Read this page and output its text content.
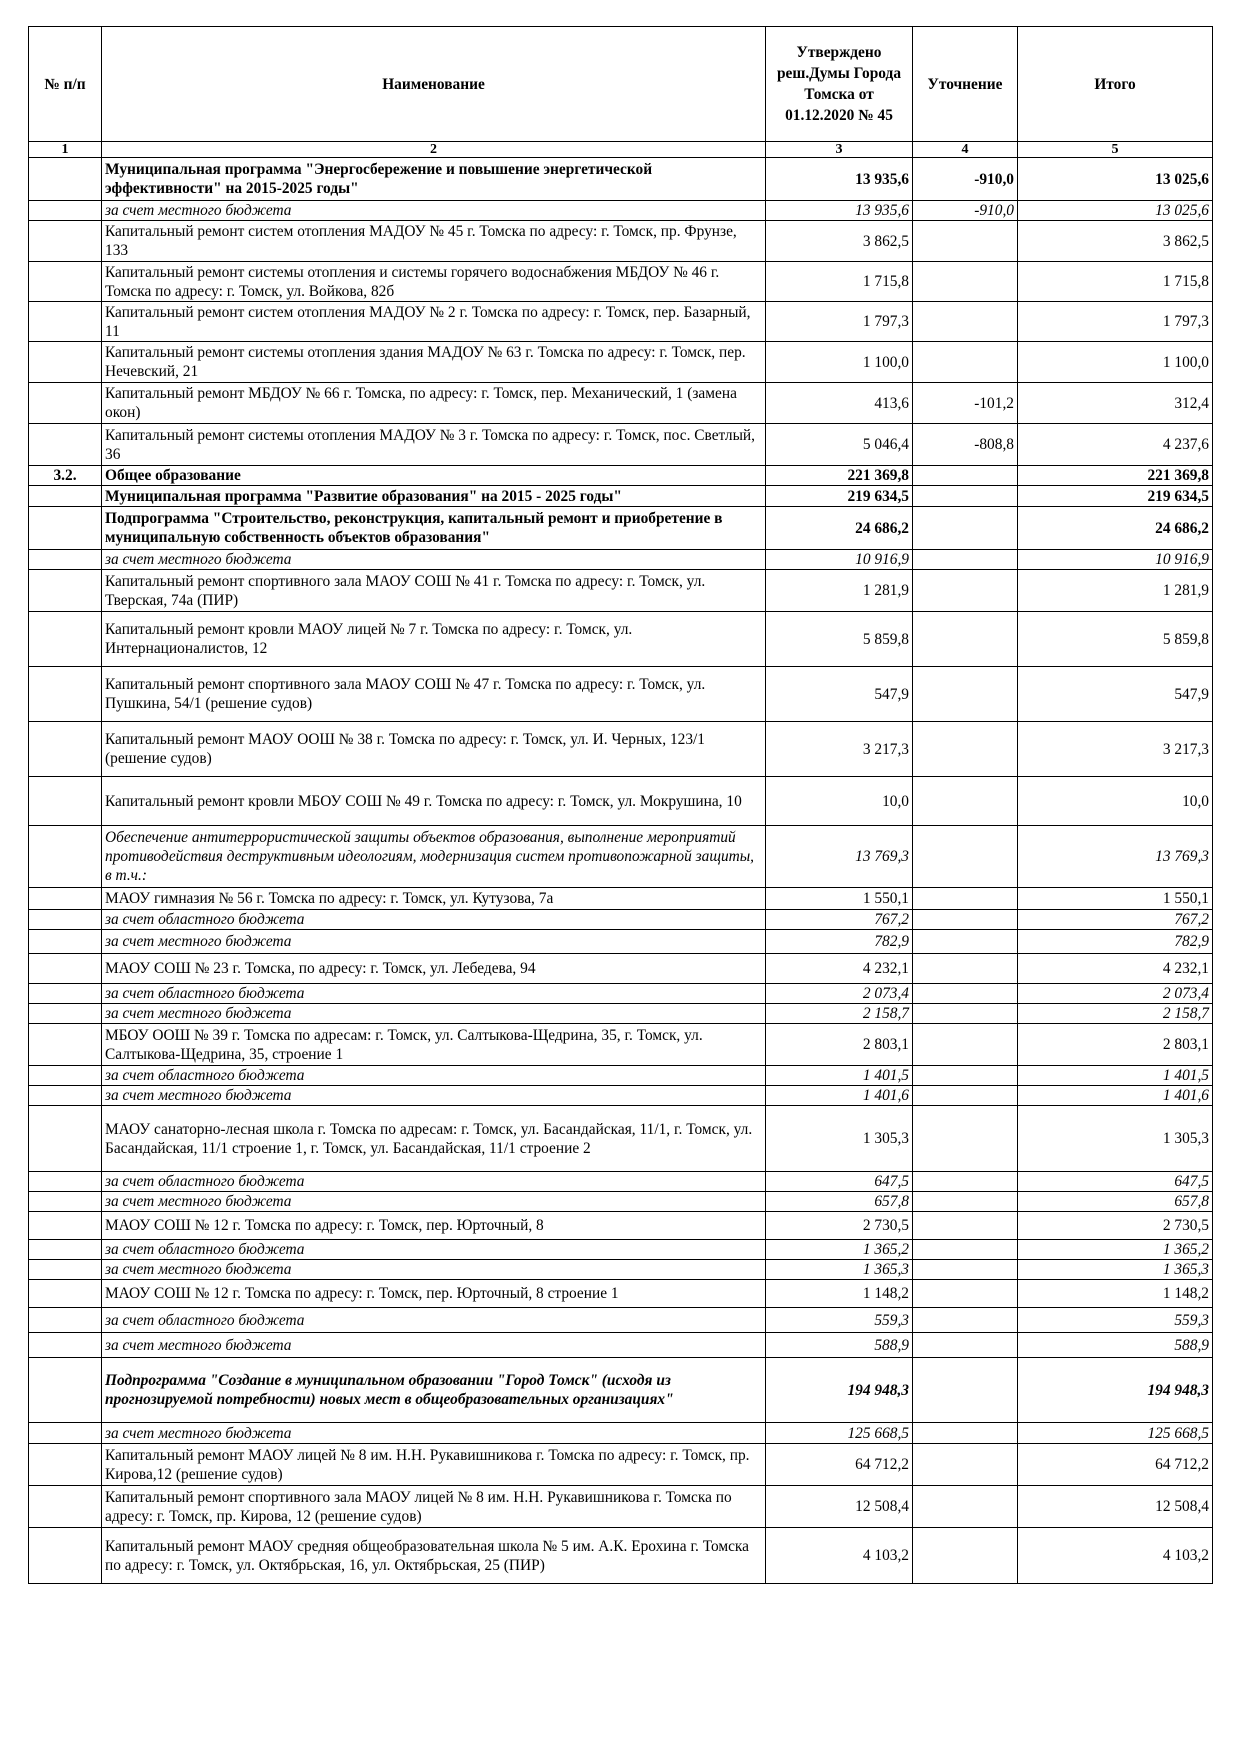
№ п/п	Наименование	Утверждено реш.Думы Города Томска от 01.12.2020 № 45	Уточнение	Итого
1	2	3	4	5
	Муниципальная программа "Энергосбережение и повышение энергетической эффективности" на 2015-2025 годы"	13 935,6	-910,0	13 025,6
	за счет местного бюджета	13 935,6	-910,0	13 025,6
	Капитальный ремонт систем отопления МАДОУ № 45 г. Томска по адресу: г. Томск, пр. Фрунзе, 133	3 862,5		3 862,5
	Капитальный ремонт системы отопления и системы горячего водоснабжения МБДОУ № 46 г. Томска по адресу: г. Томск, ул. Войкова, 82б	1 715,8		1 715,8
	Капитальный ремонт систем отопления МАДОУ № 2 г. Томска по адресу: г. Томск, пер. Базарный, 11	1 797,3		1 797,3
	Капитальный ремонт системы отопления здания МАДОУ № 63 г. Томска по адресу: г. Томск, пер. Нечевский, 21	1 100,0		1 100,0
	Капитальный ремонт МБДОУ № 66 г. Томска, по адресу: г. Томск, пер. Механический, 1 (замена окон)	413,6	-101,2	312,4
	Капитальный ремонт системы отопления МАДОУ № 3 г. Томска по адресу: г. Томск, пос. Светлый, 36	5 046,4	-808,8	4 237,6
3.2.	Общее образование	221 369,8		221 369,8
	Муниципальная программа "Развитие образования" на 2015 - 2025 годы"	219 634,5		219 634,5
	Подпрограмма "Строительство, реконструкция, капитальный ремонт и приобретение в муниципальную собственность объектов образования"	24 686,2		24 686,2
	за счет местного бюджета	10 916,9		10 916,9
	Капитальный ремонт спортивного зала МАОУ СОШ № 41 г. Томска по адресу: г. Томск, ул. Тверская, 74а (ПИР)	1 281,9		1 281,9
	Капитальный ремонт кровли МАОУ лицей № 7 г. Томска по адресу: г. Томск, ул. Интернационалистов, 12	5 859,8		5 859,8
	Капитальный ремонт спортивного зала МАОУ СОШ № 47 г. Томска по адресу: г. Томск, ул. Пушкина, 54/1 (решение судов)	547,9		547,9
	Капитальный ремонт МАОУ ООШ № 38 г. Томска по адресу: г. Томск, ул. И. Черных, 123/1 (решение судов)	3 217,3		3 217,3
	Капитальный ремонт кровли МБОУ СОШ № 49 г. Томска по адресу: г. Томск, ул. Мокрушина, 10	10,0		10,0
	Обеспечение антитеррористической защиты объектов образования, выполнение мероприятий противодействия деструктивным идеологиям, модернизация систем противопожарной защиты, в т.ч.:	13 769,3		13 769,3
	МАОУ гимназия № 56 г. Томска по адресу: г. Томск, ул. Кутузова, 7а	1 550,1		1 550,1
	за счет областного бюджета	767,2		767,2
	за счет местного бюджета	782,9		782,9
	МАОУ СОШ № 23 г. Томска, по адресу: г. Томск, ул. Лебедева, 94	4 232,1		4 232,1
	за счет областного бюджета	2 073,4		2 073,4
	за счет местного бюджета	2 158,7		2 158,7
	МБОУ ООШ № 39 г. Томска по адресам: г. Томск, ул. Салтыкова-Щедрина, 35, г. Томск, ул. Салтыкова-Щедрина, 35, строение 1	2 803,1		2 803,1
	за счет областного бюджета	1 401,5		1 401,5
	за счет местного бюджета	1 401,6		1 401,6
	МАОУ санаторно-лесная школа г. Томска по адресам: г. Томск, ул. Басандайская, 11/1, г. Томск, ул. Басандайская, 11/1 строение 1, г. Томск, ул. Басандайская, 11/1 строение 2	1 305,3		1 305,3
	за счет областного бюджета	647,5		647,5
	за счет местного бюджета	657,8		657,8
	МАОУ СОШ № 12 г. Томска по адресу: г. Томск, пер. Юрточный, 8	2 730,5		2 730,5
	за счет областного бюджета	1 365,2		1 365,2
	за счет местного бюджета	1 365,3		1 365,3
	МАОУ СОШ № 12 г. Томска по адресу: г. Томск, пер. Юрточный, 8 строение 1	1 148,2		1 148,2
	за счет областного бюджета	559,3		559,3
	за счет местного бюджета	588,9		588,9
	Подпрограмма "Создание в муниципальном образовании "Город Томск" (исходя из прогнозируемой потребности) новых мест в общеобразовательных организациях"	194 948,3		194 948,3
	за счет местного бюджета	125 668,5		125 668,5
	Капитальный ремонт МАОУ лицей № 8 им. Н.Н. Рукавишникова г. Томска по адресу: г. Томск, пр. Кирова,12 (решение судов)	64 712,2		64 712,2
	Капитальный ремонт спортивного зала МАОУ лицей № 8 им. Н.Н. Рукавишникова г. Томска по адресу: г. Томск, пр. Кирова, 12 (решение судов)	12 508,4		12 508,4
	Капитальный ремонт МАОУ средняя общеобразовательная школа № 5 им. А.К. Ерохина г. Томска по адресу: г. Томск, ул. Октябрьская, 16, ул. Октябрьская, 25 (ПИР)	4 103,2		4 103,2
